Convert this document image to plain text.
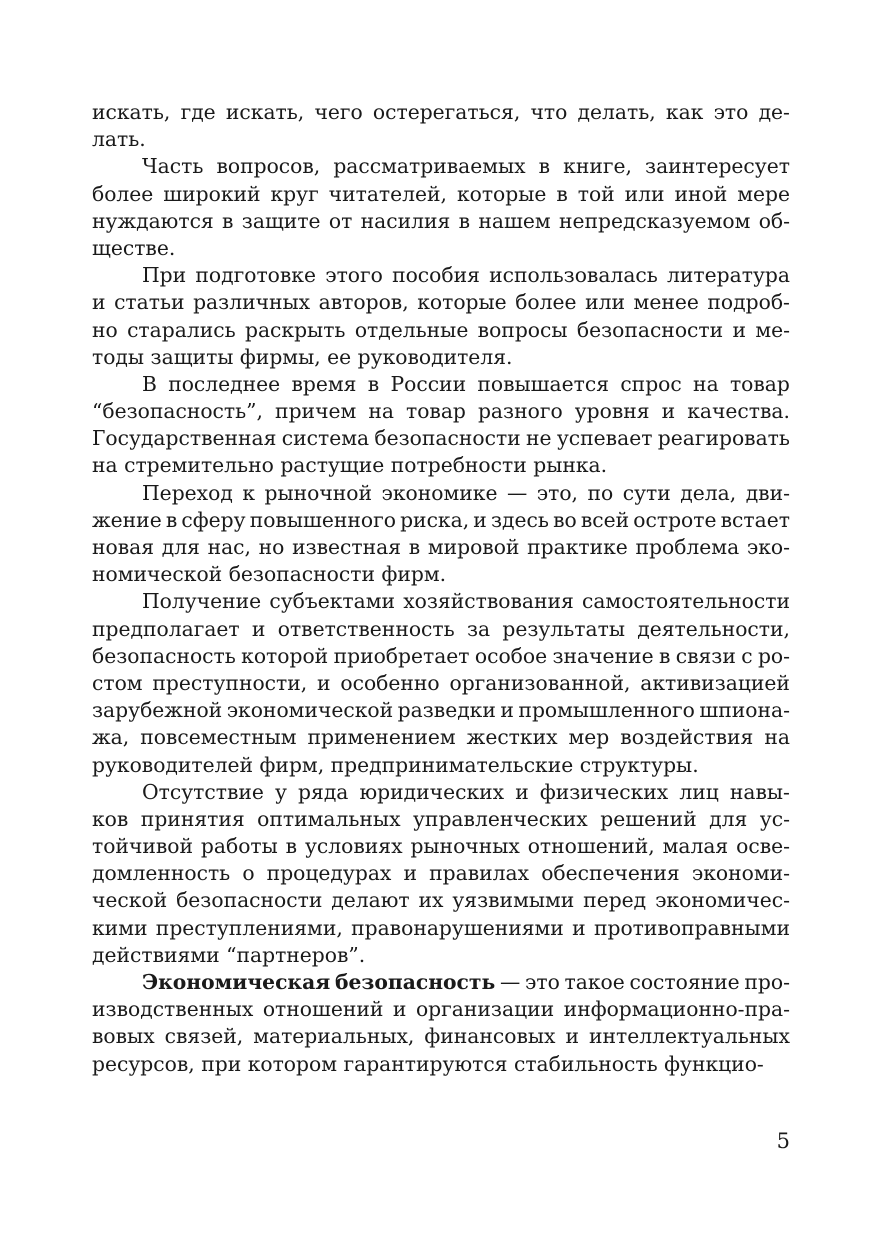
искать, где искать, чего остерегаться, что делать, как это де-
лать.
Часть вопросов, рассматриваемых в книге, заинтересует
более широкий круг читателей, которые в той или иной мере
нуждаются в защите от насилия в нашем непредсказуемом об-
ществе.
При подготовке этого пособия использовалась литература
и статьи различных авторов, которые более или менее подроб-
но старались раскрыть отдельные вопросы безопасности и ме-
тоды защиты фирмы, ее руководителя.
В последнее время в России повышается спрос на товар
“безопасность”, причем на товар разного уровня и качества.
Государственная система безопасности не успевает реагировать
на стремительно растущие потребности рынка.
Переход к рыночной экономике — это, по сути дела, дви-
жение в сферу повышенного риска, и здесь во всей остроте встает
новая для нас, но известная в мировой практике проблема эко-
номической безопасности фирм.
Получение субъектами хозяйствования самостоятельности
предполагает и ответственность за результаты деятельности,
безопасность которой приобретает особое значение в связи с ро-
стом преступности, и особенно организованной, активизацией
зарубежной экономической разведки и промышленного шпиона-
жа, повсеместным применением жестких мер воздействия на
руководителей фирм, предпринимательские структуры.
Отсутствие у ряда юридических и физических лиц навы-
ков принятия оптимальных управленческих решений для ус-
тойчивой работы в условиях рыночных отношений, малая осве-
домленность о процедурах и правилах обеспечения экономи-
ческой безопасности делают их уязвимыми перед экономичес-
кими преступлениями, правонарушениями и противоправными
действиями “партнеров”.
Экономическая безопасность — это такое состояние про-
изводственных отношений и организации информационно-пра-
вовых связей, материальных, финансовых и интеллектуальных
ресурсов, при котором гарантируются стабильность функцио-
5
